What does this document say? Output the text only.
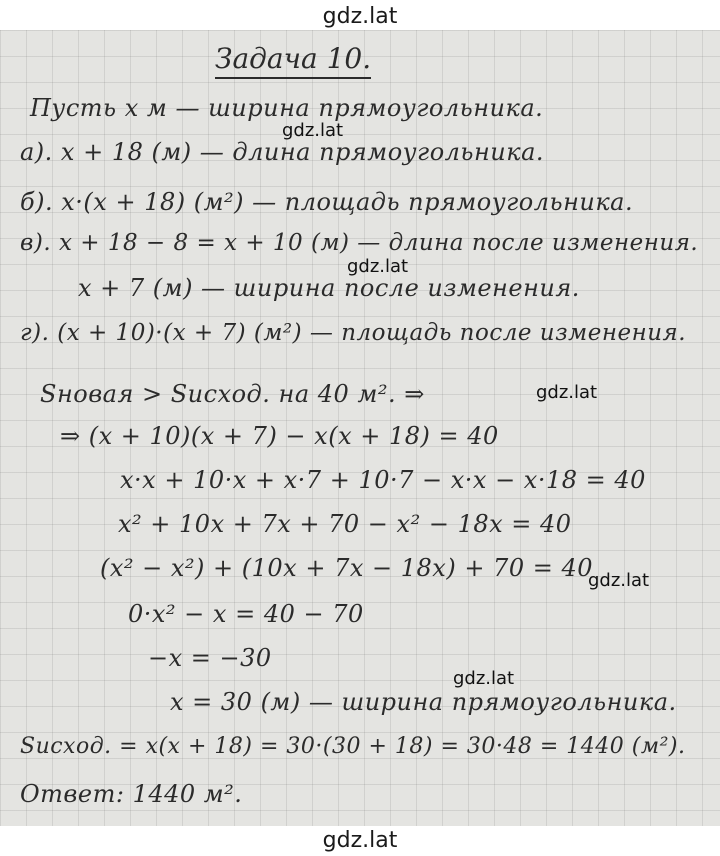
gdz.lat
Задача 10.
Пусть х м — ширина прямоугольника.
а). х + 18 (м) — длина прямоугольника.
б). х·(х + 18) (м²) — площадь прямоугольника.
в). х + 18 − 8 = х + 10 (м) — длина после изменения.
х + 7 (м) — ширина после изменения.
г). (х + 10)·(х + 7) (м²) — площадь после изменения.
Sновая > Sисход. на 40 м². ⇒
⇒ (х + 10)(х + 7) − х(х + 18) = 40
х·х + 10·х + х·7 + 10·7 − х·х − х·18 = 40
х² + 10х + 7х + 70 − х² − 18х = 40
(х² − х²) + (10х + 7х − 18х) + 70 = 40
0·х² − х = 40 − 70
−х = −30
х = 30 (м) — ширина прямоугольника.
Sисход. = х(х + 18) = 30·(30 + 18) = 30·48 = 1440 (м²).
Ответ: 1440 м².
gdz.lat
gdz.lat
gdz.lat
gdz.lat
gdz.lat
gdz.lat
